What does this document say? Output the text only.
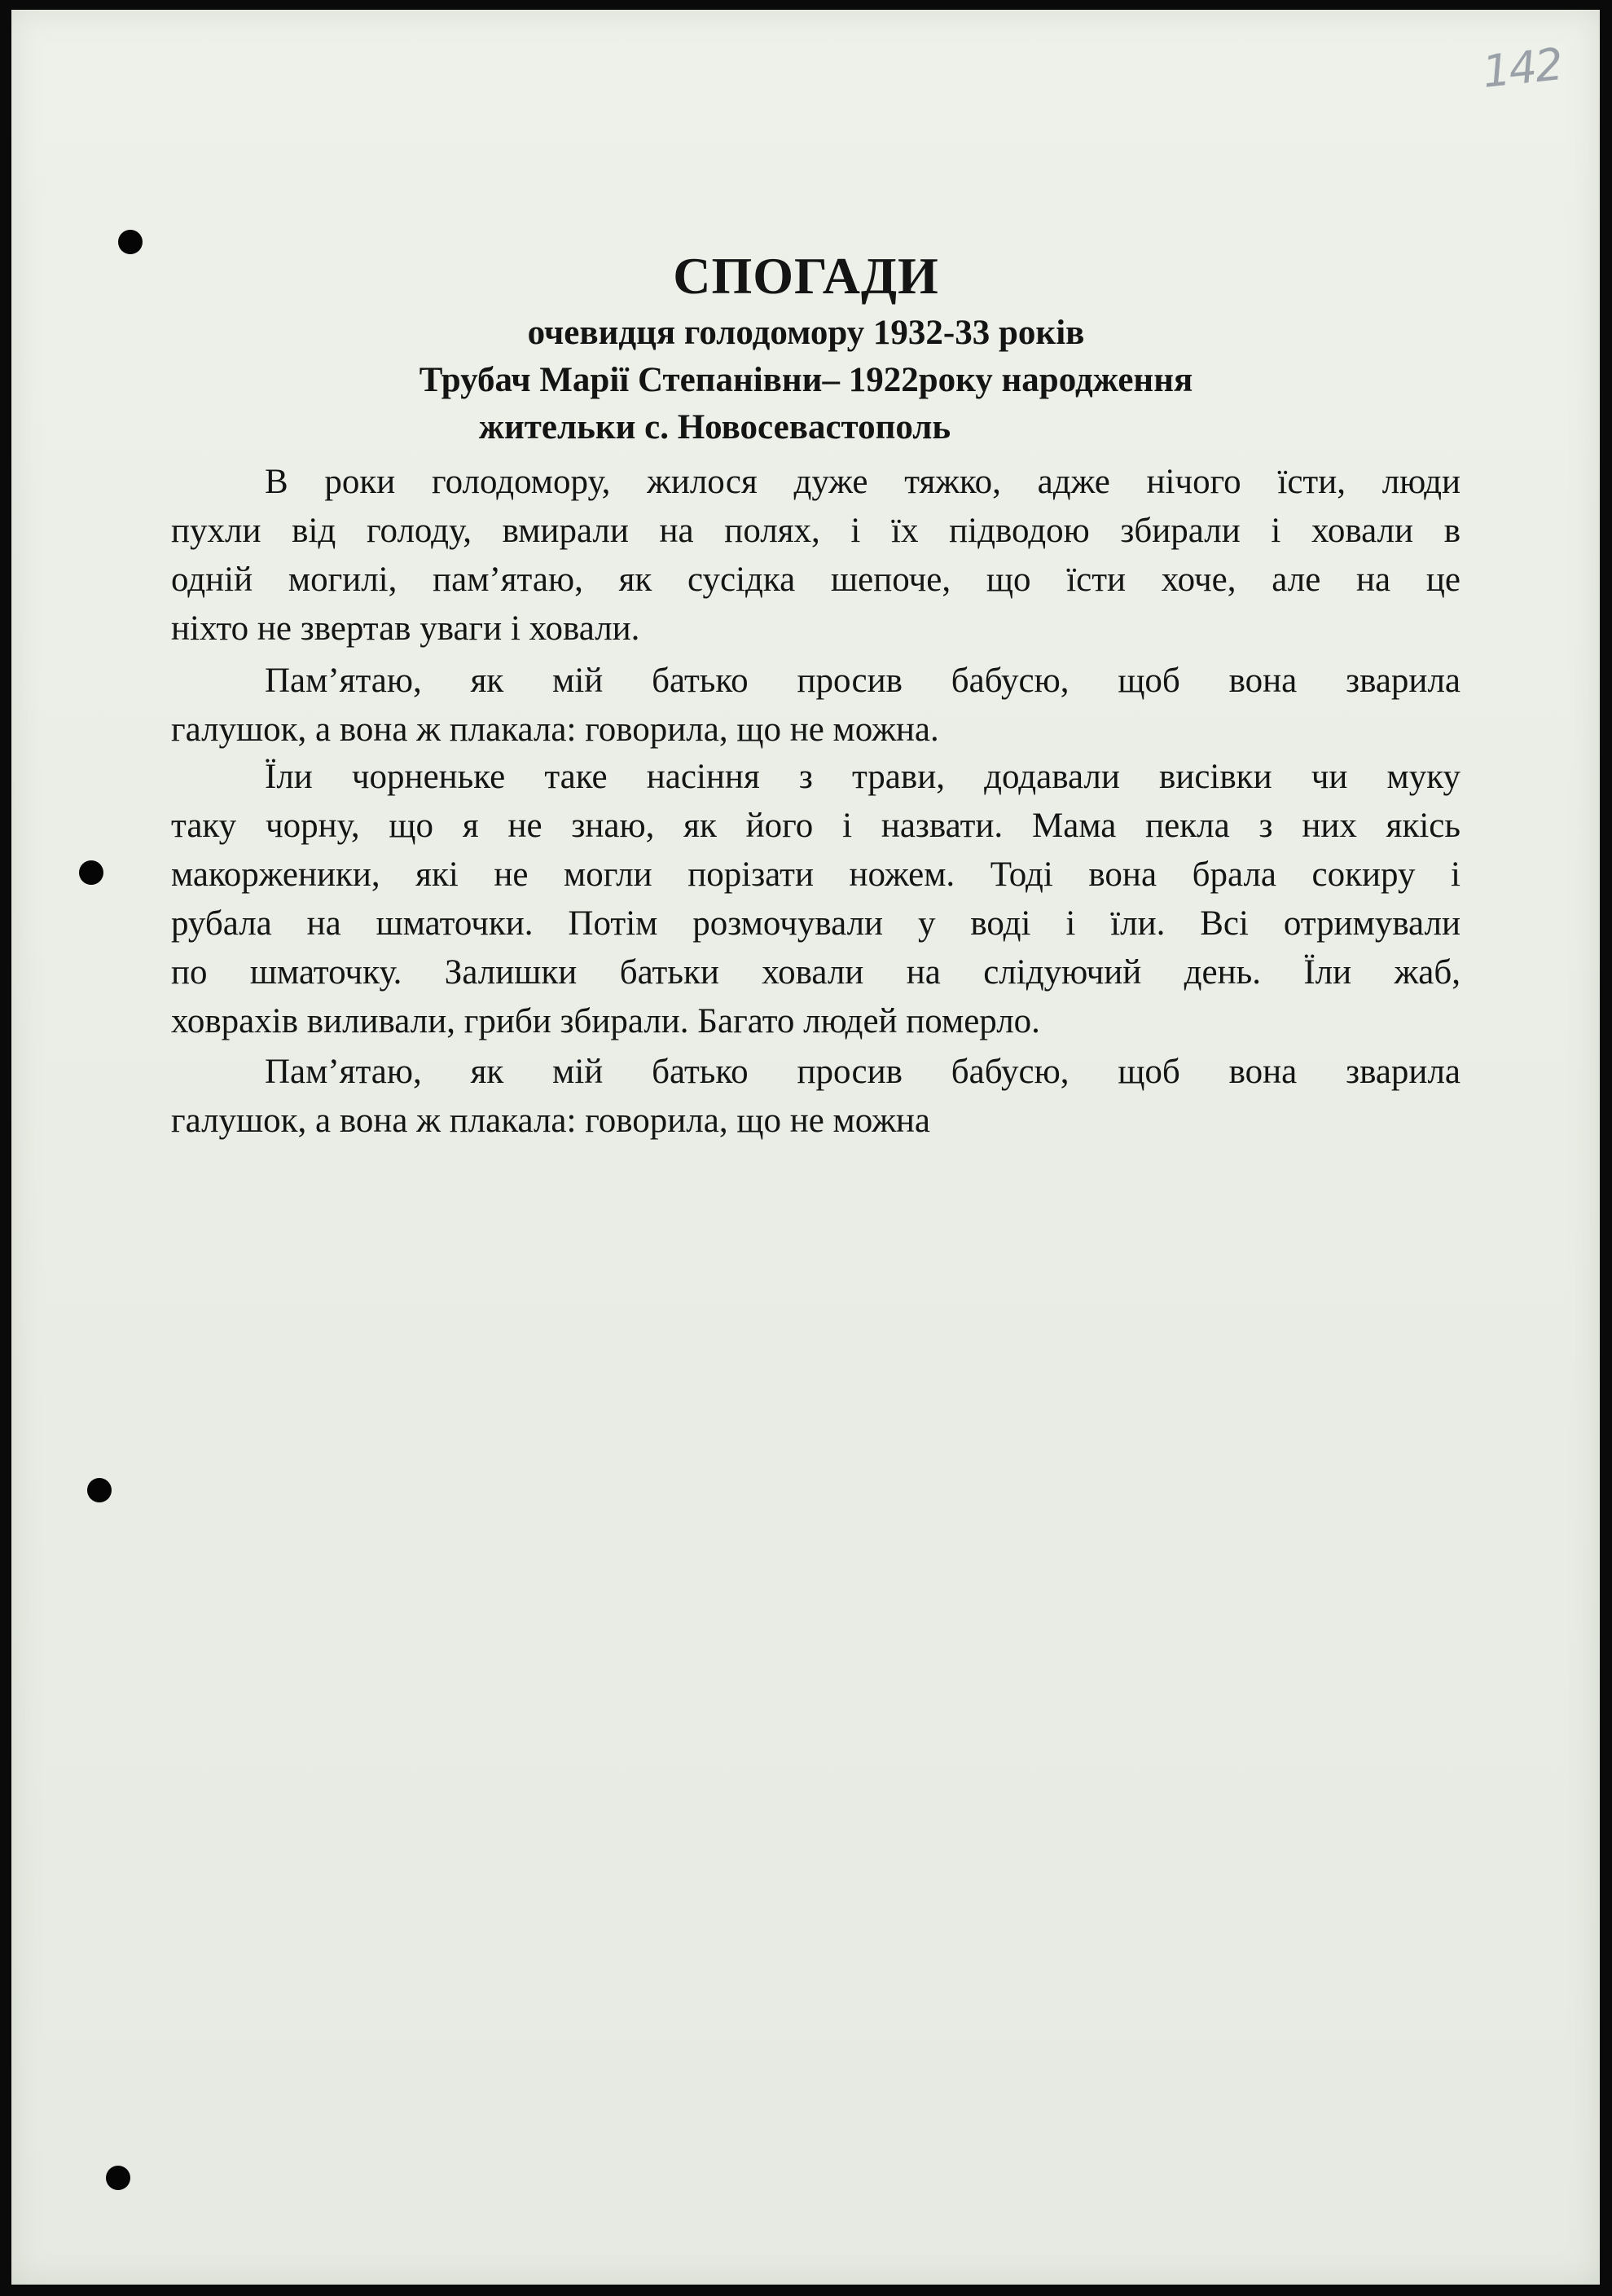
142
СПОГАДИ
очевидця голодомору 1932-33 років
Трубач Марії Степанівни– 1922року народження
жительки с. Новосевастополь
В роки голодомору, жилося дуже тяжко, адже нічого їсти, люди
пухли від голоду, вмирали на полях, і їх підводою збирали і ховали в
одній могилі, пам’ятаю, як сусідка шепоче, що їсти хоче, але на це
ніхто не звертав уваги і ховали.
Пам’ятаю, як мій батько просив бабусю, щоб вона зварила
галушок, а вона ж плакала: говорила, що не можна.
Їли чорненьке таке насіння з трави, додавали висівки чи муку
таку чорну, що я не знаю, як його і назвати. Мама пекла з них якісь
макорженики, які не могли порізати ножем. Тоді вона брала сокиру і
рубала на шматочки. Потім розмочували у воді і їли. Всі отримували
по шматочку. Залишки батьки ховали на слідуючий день. Їли жаб,
ховрахів виливали, гриби збирали. Багато людей померло.
Пам’ятаю, як мій батько просив бабусю, щоб вона зварила
галушок, а вона ж плакала: говорила, що не можна
